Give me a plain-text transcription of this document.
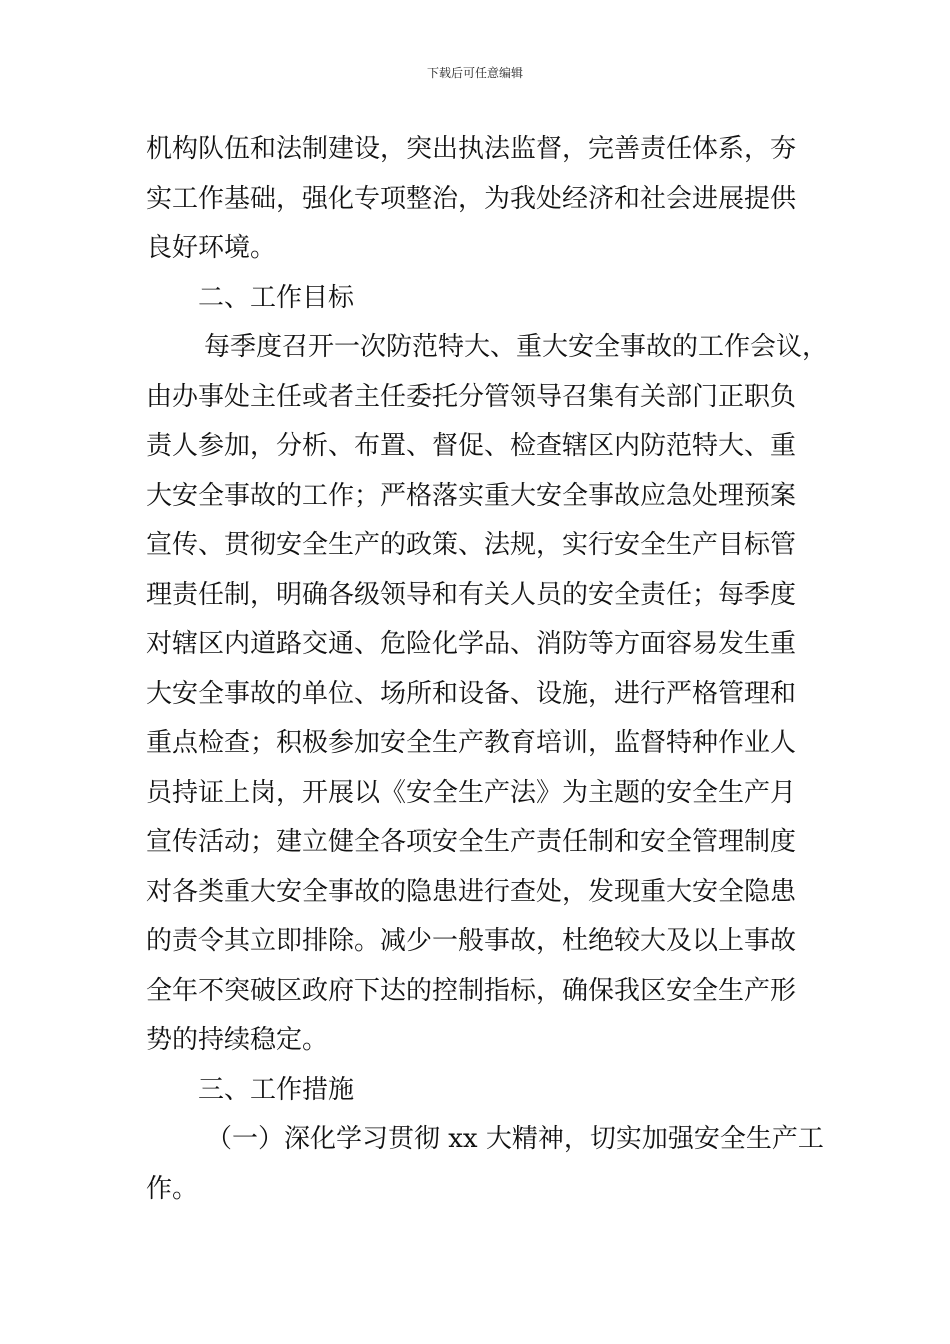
下载后可任意编辑
机构队伍和法制建设，突出执法监督，完善责任体系，夯
实工作基础，强化专项整治，为我处经济和社会进展提供
良好环境。
二、工作目标
每季度召开一次防范特大、重大安全事故的工作会议，
由办事处主任或者主任委托分管领导召集有关部门正职负
责人参加，分析、布置、督促、检查辖区内防范特大、重
大安全事故的工作；严格落实重大安全事故应急处理预案
宣传、贯彻安全生产的政策、法规，实行安全生产目标管
理责任制，明确各级领导和有关人员的安全责任；每季度
对辖区内道路交通、危险化学品、消防等方面容易发生重
大安全事故的单位、场所和设备、设施，进行严格管理和
重点检查；积极参加安全生产教育培训，监督特种作业人
员持证上岗，开展以《安全生产法》为主题的安全生产月
宣传活动；建立健全各项安全生产责任制和安全管理制度
对各类重大安全事故的隐患进行查处，发现重大安全隐患
的责令其立即排除。减少一般事故，杜绝较大及以上事故
全年不突破区政府下达的控制指标，确保我区安全生产形
势的持续稳定。
三、工作措施
（一）深化学习贯彻 xx 大精神，切实加强安全生产工
作。
